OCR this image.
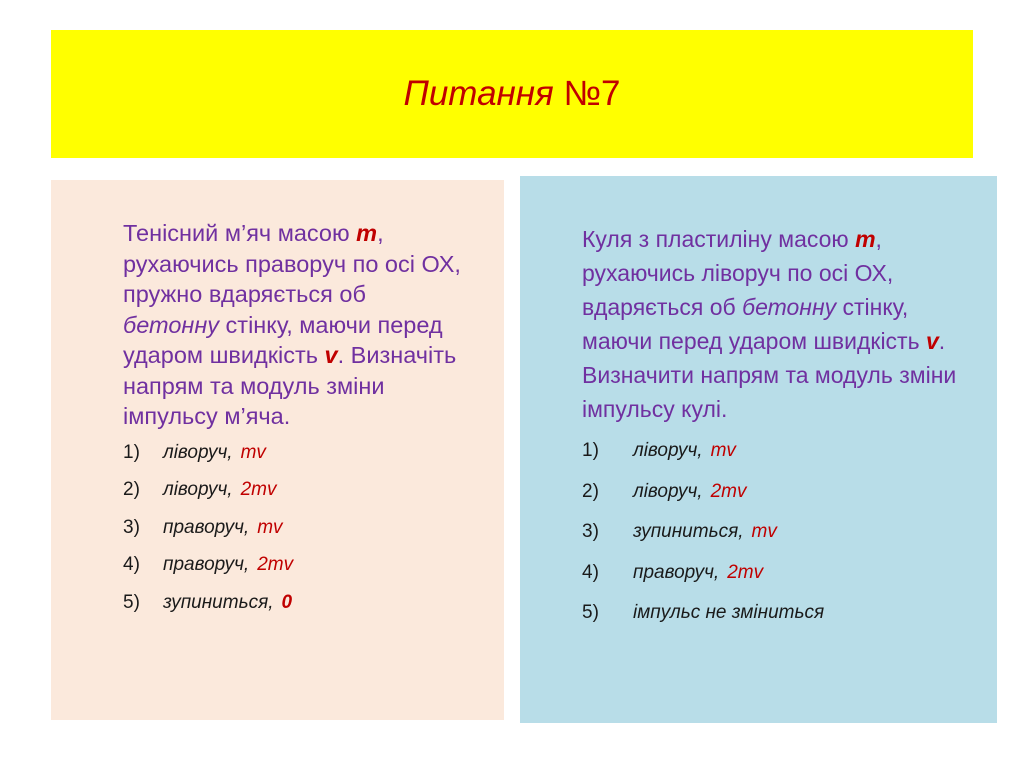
Питання №7

Тенісний м’яч масою m, рухаючись праворуч по осі ОХ, пружно вдаряється об бетонну стінку, маючи перед ударом швидкість v. Визначіть напрям та модуль зміни імпульсу м’яча.

1)	ліворуч, mv
2)	ліворуч, 2mv
3)	праворуч, mv
4)	праворуч, 2mv
5)	зупиниться, 0

Куля з пластиліну масою m, рухаючись ліворуч по осі ОХ, вдаряється об бетонну стінку, маючи перед ударом швидкість v. Визначити напрям та модуль зміни імпульсу кулі.

1)	ліворуч, mv
2)	ліворуч, 2mv
3)	зупиниться, mv
4)	праворуч, 2mv
5)	імпульс не зміниться
